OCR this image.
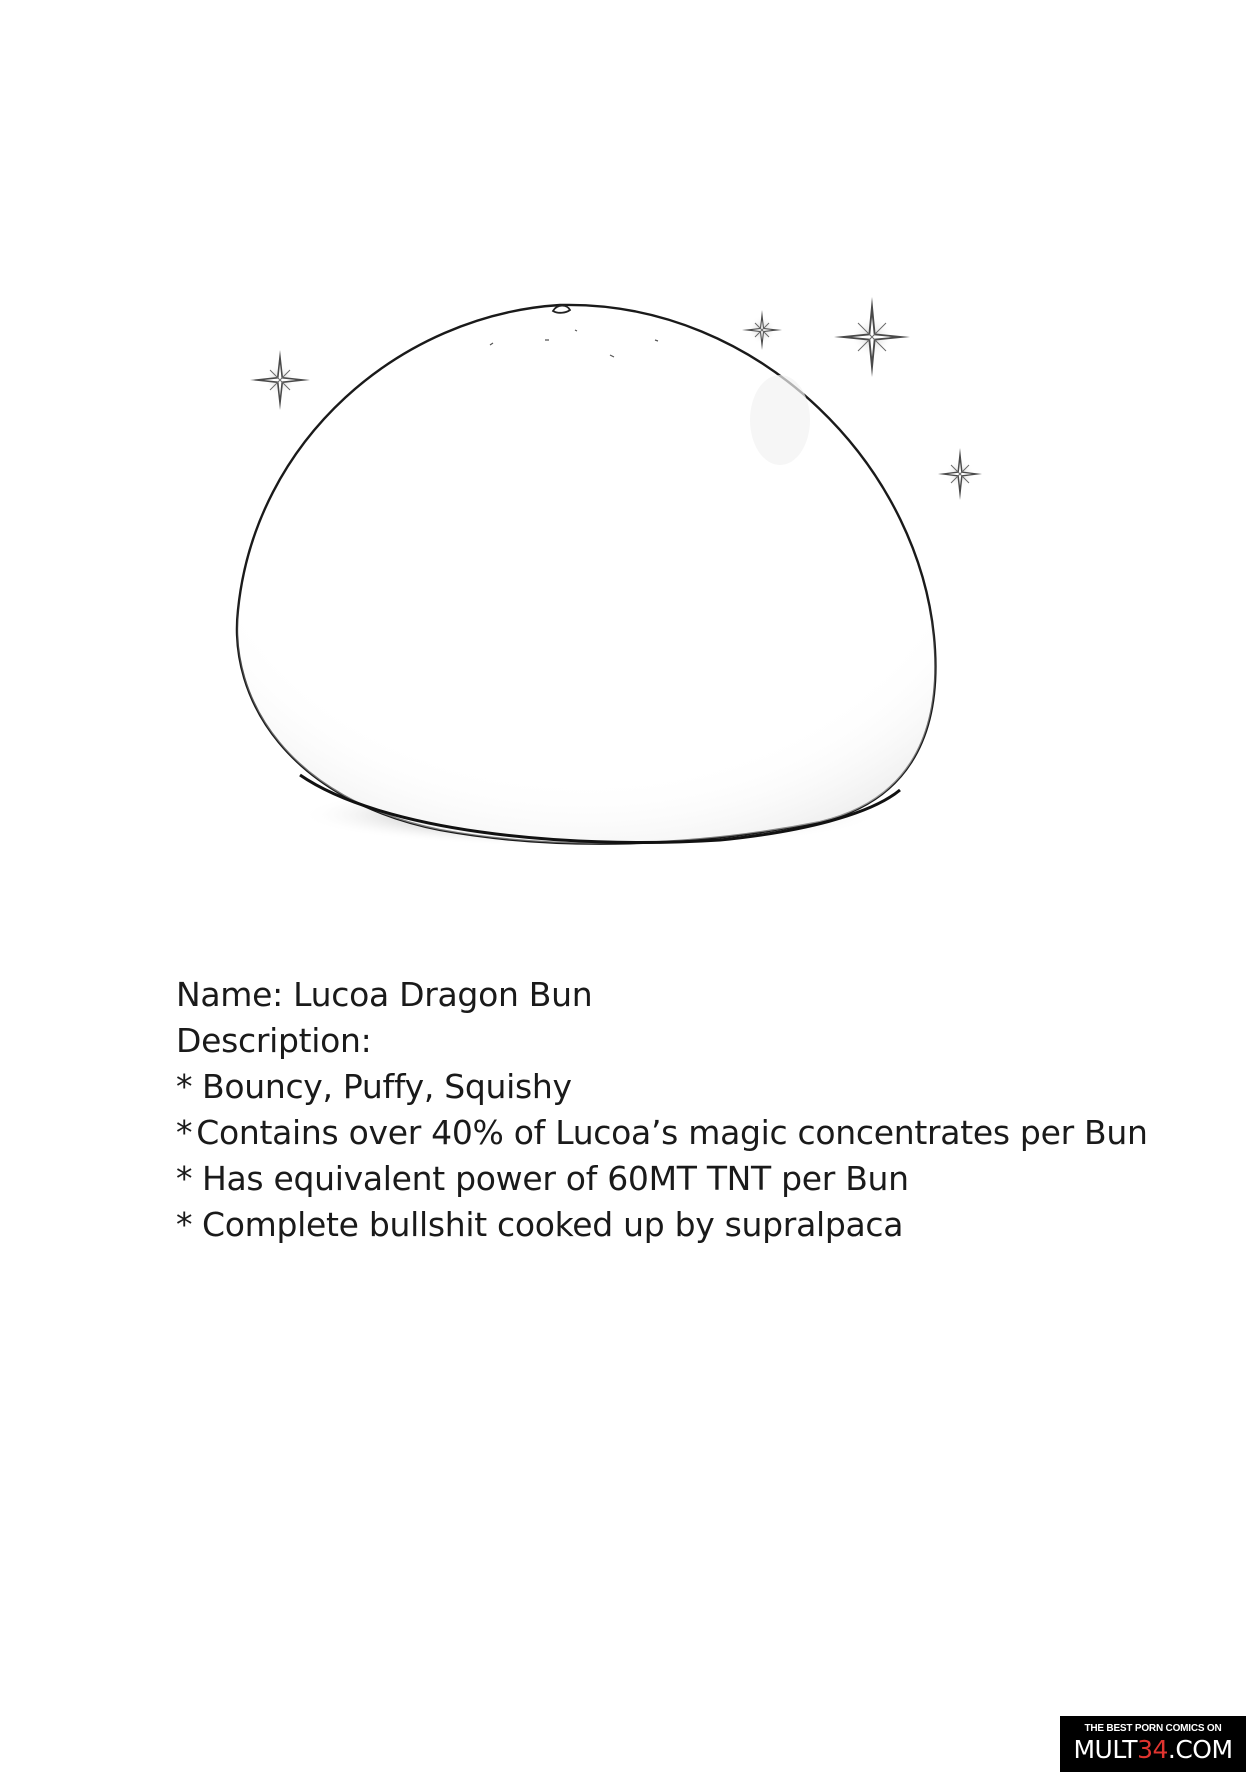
Name: Lucoa Dragon Bun
Description:
* Bouncy, Puffy, Squishy
* Contains over 40% of Lucoa’s magic concentrates per Bun
* Has equivalent power of 60MT TNT per Bun
* Complete bullshit cooked up by supralpaca
THE BEST PORN COMICS ON
MULT34.COM
